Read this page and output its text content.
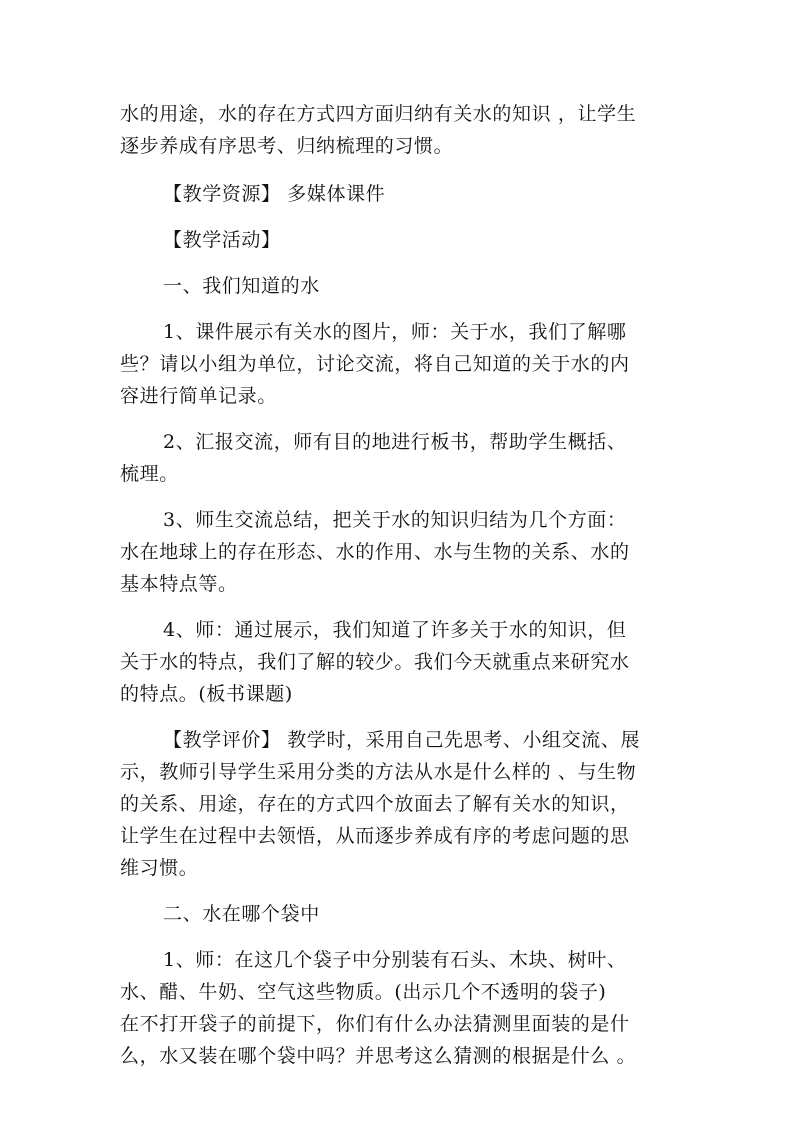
水的用途，水的存在方式四方面归纳有关水的知识 ，让学生
逐步养成有序思考、归纳梳理的习惯。

【教学资源】 多媒体课件

【教学活动】

一、我们知道的水

1、课件展示有关水的图片，师：关于水，我们了解哪
些？请以小组为单位，讨论交流，将自己知道的关于水的内
容进行简单记录。

2、汇报交流，师有目的地进行板书，帮助学生概括、
梳理。

3、师生交流总结，把关于水的知识归结为几个方面：
水在地球上的存在形态、水的作用、水与生物的关系、水的
基本特点等。

4、师：通过展示，我们知道了许多关于水的知识，但
关于水的特点，我们了解的较少。我们今天就重点来研究水
的特点。(板书课题)

【教学评价】 教学时，采用自己先思考、小组交流、展
示，教师引导学生采用分类的方法从水是什么样的 、与生物
的关系、用途，存在的方式四个放面去了解有关水的知识，
让学生在过程中去领悟，从而逐步养成有序的考虑问题的思
维习惯。

二、水在哪个袋中

1、师：在这几个袋子中分别装有石头、木块、树叶、
水、醋、牛奶、空气这些物质。(出示几个不透明的袋子)
在不打开袋子的前提下，你们有什么办法猜测里面装的是什
么，水又装在哪个袋中吗？并思考这么猜测的根据是什么 。
